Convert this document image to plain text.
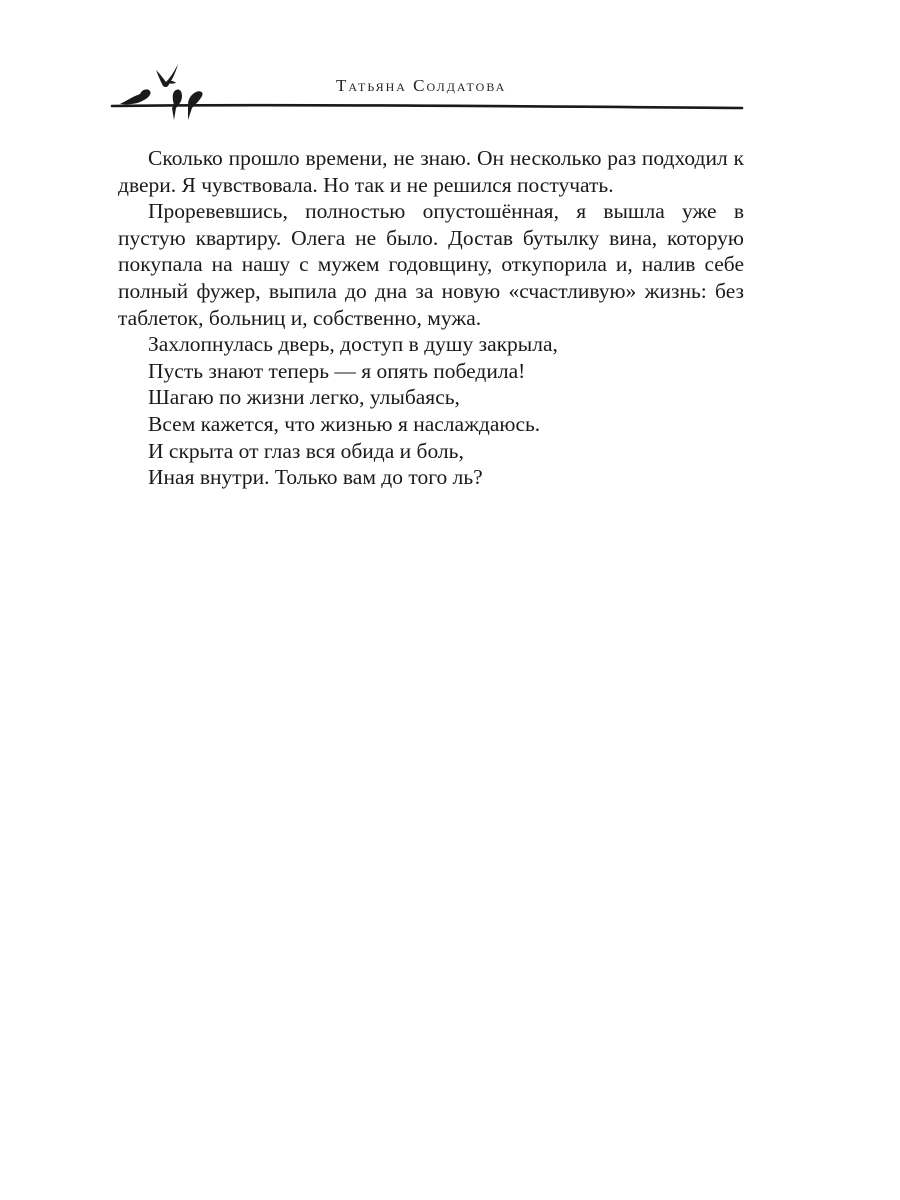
Татьяна Солдатова

Сколько прошло времени, не знаю. Он несколько раз подходил к двери. Я чувствовала. Но так и не решился постучать.

Проревевшись, полностью опустошённая, я вышла уже в пустую квартиру. Олега не было. Достав бутылку вина, которую покупала на нашу с мужем годовщину, откупорила и, налив себе полный фужер, выпила до дна за новую «счастливую» жизнь: без таблеток, больниц и, собственно, мужа.

Захлопнулась дверь, доступ в душу закрыла,

Пусть знают теперь — я опять победила!

Шагаю по жизни легко, улыбаясь,

Всем кажется, что жизнью я наслаждаюсь.

И скрыта от глаз вся обида и боль,

Иная внутри. Только вам до того ль?
